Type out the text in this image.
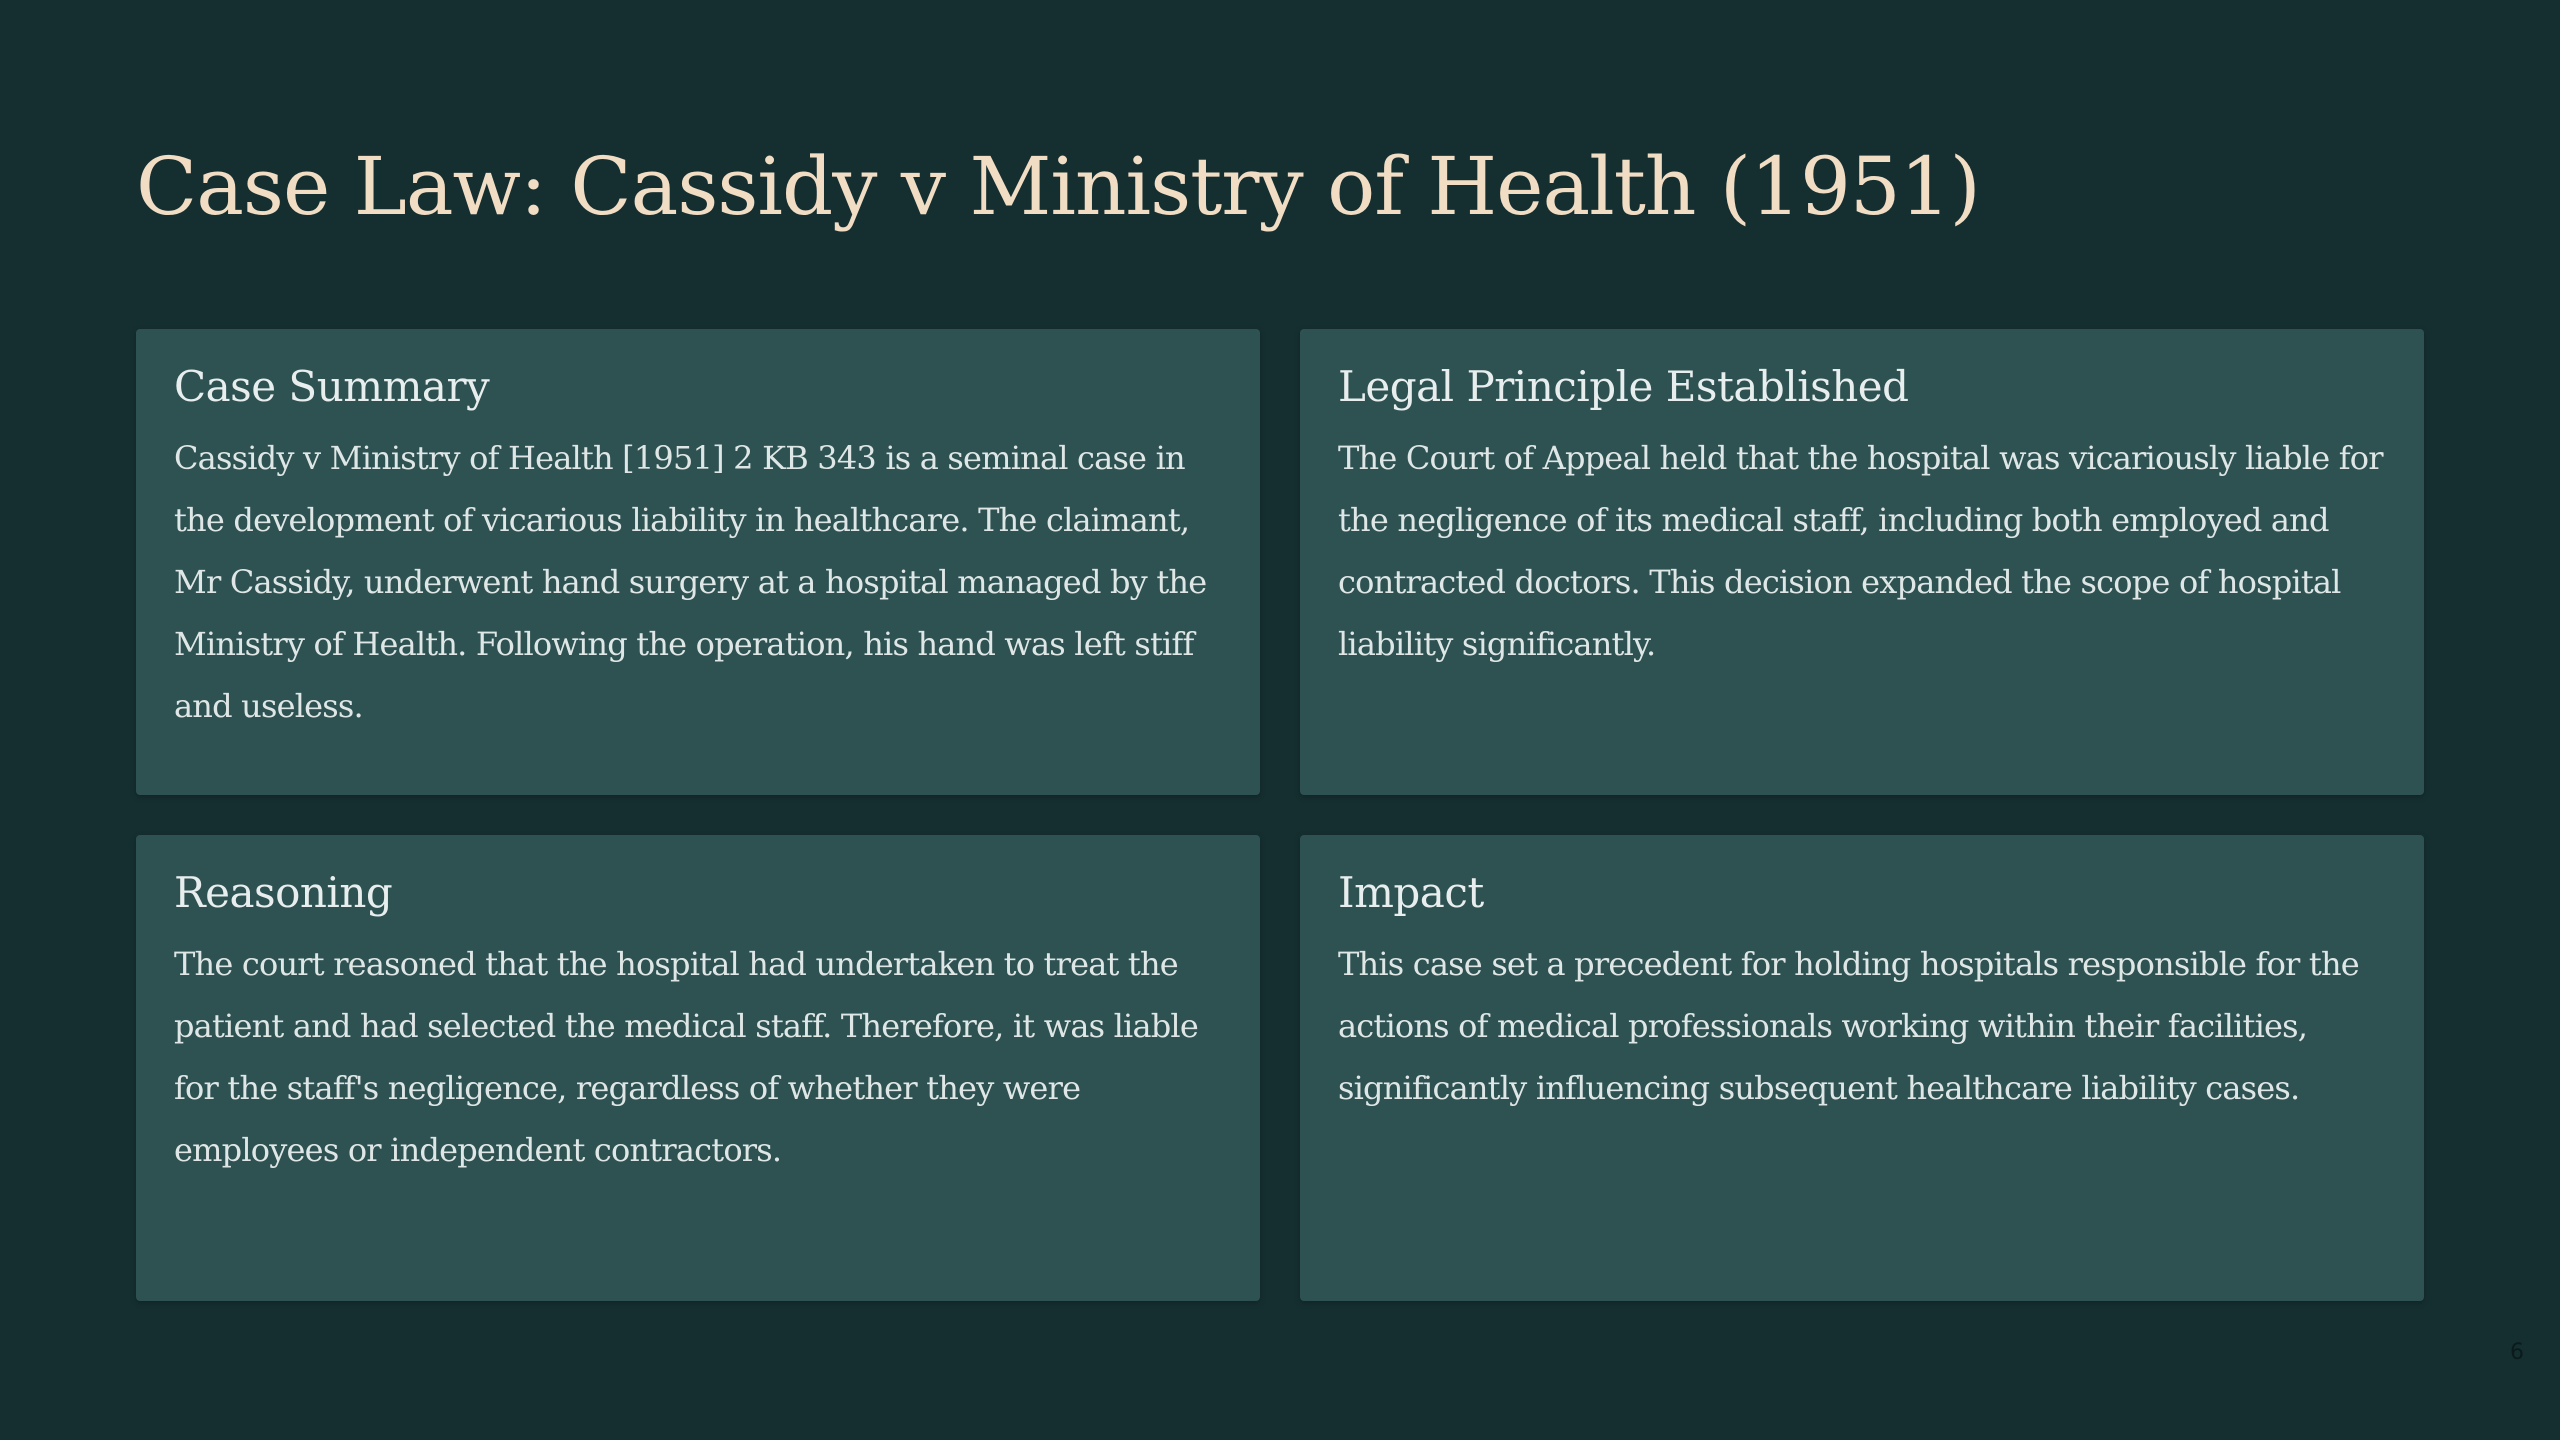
Case Law: Cassidy v Ministry of Health (1951)
Case Summary

Cassidy v Ministry of Health [1951] 2 KB 343 is a seminal case in the development of vicarious liability in healthcare. The claimant, Mr Cassidy, underwent hand surgery at a hospital managed by the Ministry of Health. Following the operation, his hand was left stiff and useless.

Legal Principle Established

The Court of Appeal held that the hospital was vicariously liable for the negligence of its medical staff, including both employed and contracted doctors. This decision expanded the scope of hospital liability significantly.

Reasoning

The court reasoned that the hospital had undertaken to treat the patient and had selected the medical staff. Therefore, it was liable for the staff's negligence, regardless of whether they were employees or independent contractors.

Impact

This case set a precedent for holding hospitals responsible for the actions of medical professionals working within their facilities, significantly influencing subsequent healthcare liability cases.

6
